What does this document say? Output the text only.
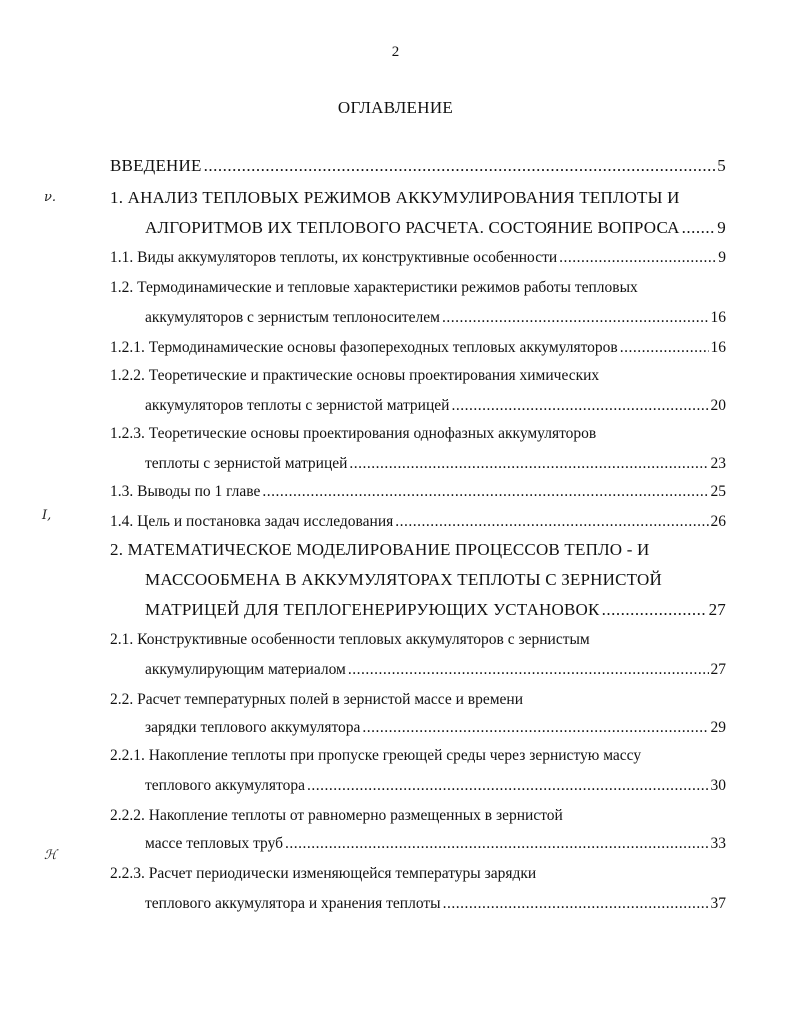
2
ОГЛАВЛЕНИЕ
ν.
I,
ℋ
ВВЕДЕНИЕ .....	5
1. АНАЛИЗ ТЕПЛОВЫХ РЕЖИМОВ АККУМУЛИРОВАНИЯ ТЕПЛОТЫ И
АЛГОРИТМОВ ИХ ТЕПЛОВОГО РАСЧЕТА. СОСТОЯНИЕ ВОПРОСА ..... 9
1.1. Виды аккумуляторов теплоты, их конструктивные особенности .....	9
1.2. Термодинамические и тепловые характеристики режимов работы тепловых
аккумуляторов с зернистым теплоносителем .....	16
1.2.1. Термодинамические основы фазопереходных тепловых аккумуляторов .....	16
1.2.2. Теоретические и практические основы проектирования химических
аккумуляторов теплоты с зернистой матрицей .....	20
1.2.3. Теоретические основы проектирования однофазных аккумуляторов
теплоты с зернистой матрицей .....	23
1.3. Выводы по 1 главе .....	25
1.4. Цель и постановка задач исследования .....	26
2. МАТЕМАТИЧЕСКОЕ МОДЕЛИРОВАНИЕ ПРОЦЕССОВ ТЕПЛО - И
МАССООБМЕНА В АККУМУЛЯТОРАХ ТЕПЛОТЫ С ЗЕРНИСТОЙ
МАТРИЦЕЙ ДЛЯ ТЕПЛОГЕНЕРИРУЮЩИХ УСТАНОВОК .....	27
2.1. Конструктивные особенности тепловых аккумуляторов с зернистым
аккумулирующим материалом .....	27
2.2. Расчет температурных полей в зернистой массе и времени
зарядки теплового аккумулятора .....	29
2.2.1. Накопление теплоты при пропуске греющей среды через зернистую массу
теплового аккумулятора .....	30
2.2.2. Накопление теплоты от равномерно размещенных в зернистой
массе тепловых труб .....	33
2.2.3. Расчет периодически изменяющейся температуры зарядки
теплового аккумулятора и хранения теплоты .....	37
